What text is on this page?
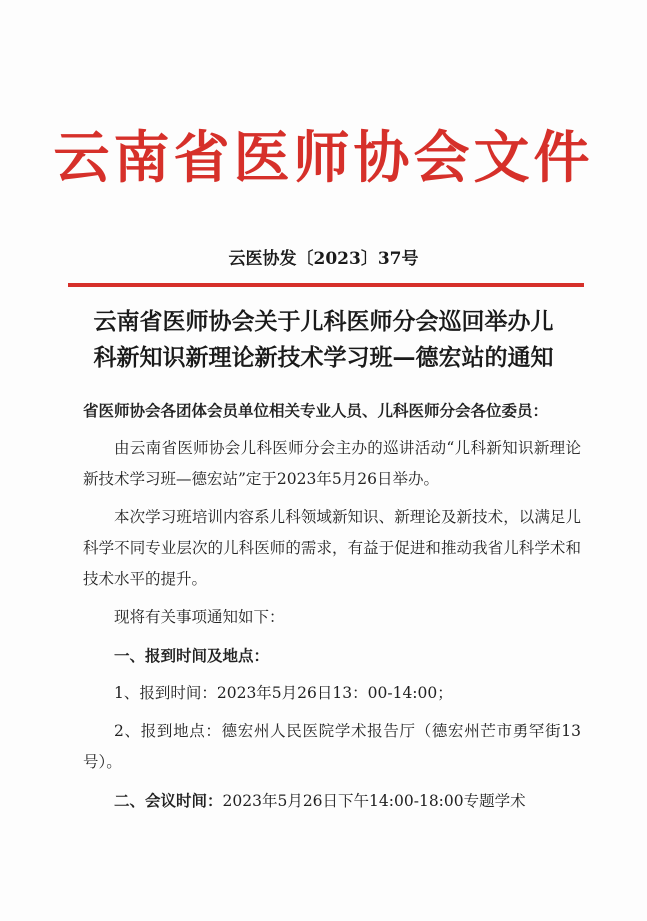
云南省医师协会文件
云医协发〔2023〕37号
云南省医师协会关于儿科医师分会巡回举办儿
科新知识新理论新技术学习班—德宏站的通知

省医师协会各团体会员单位相关专业人员、儿科医师分会各位委员：

由云南省医师协会儿科医师分会主办的巡讲活动“儿科新知识新理论新技术学习班—德宏站”定于2023年5月26日举办。

本次学习班培训内容系儿科领域新知识、新理论及新技术，以满足儿科学不同专业层次的儿科医师的需求，有益于促进和推动我省儿科学术和技术水平的提升。

现将有关事项通知如下：

一、报到时间及地点：

1、报到时间：2023年5月26日13：00-14:00；

2、报到地点：德宏州人民医院学术报告厅（德宏州芒市勇罕街13号）。

二、会议时间：2023年5月26日下午14:00-18:00专题学术
